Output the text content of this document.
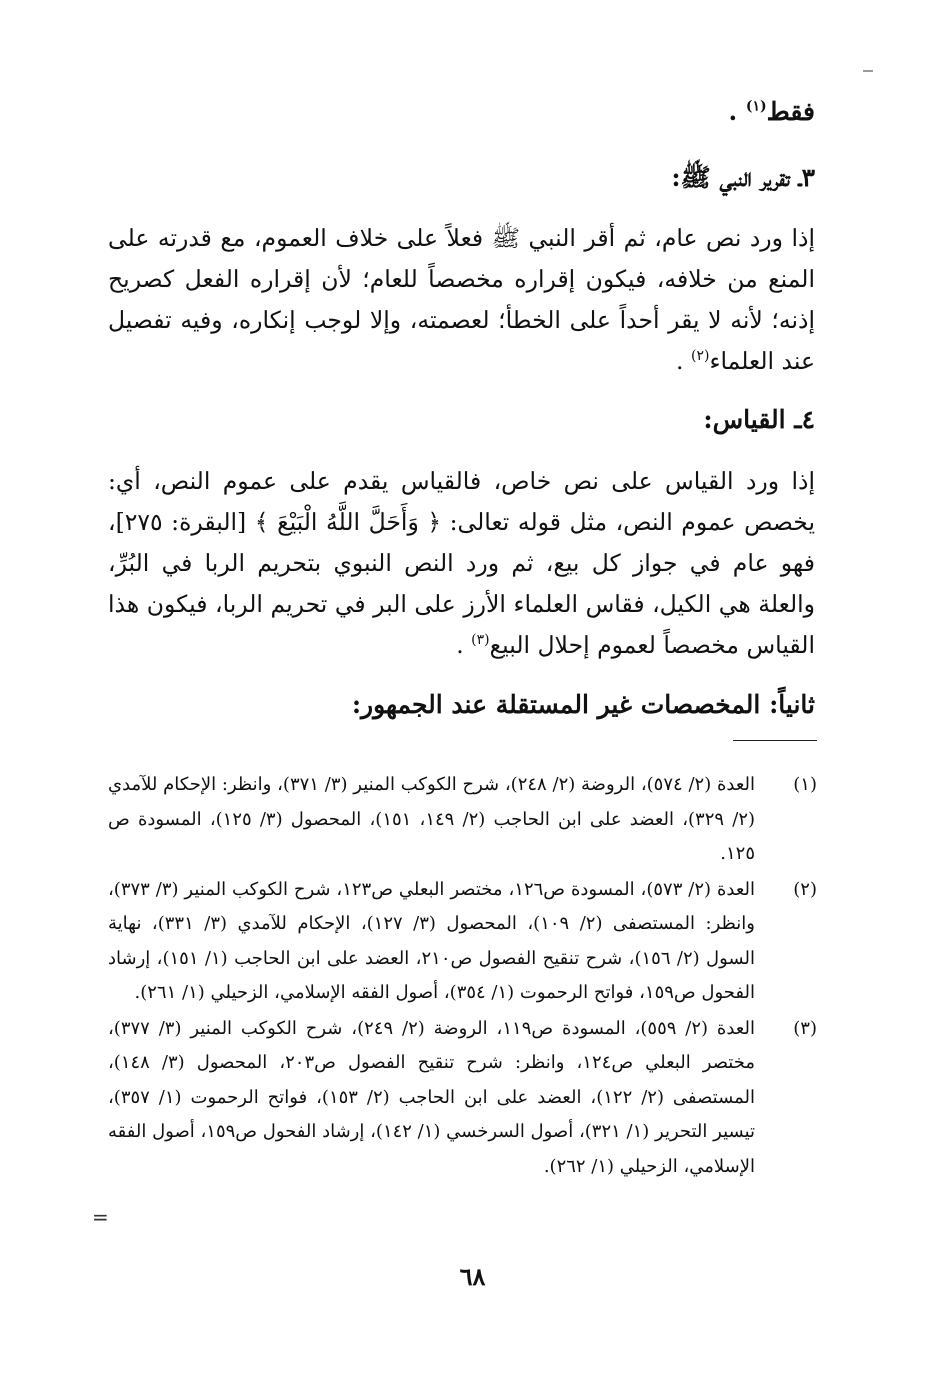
فقط$^{(١)}$ .
٣ـ تقرير النبي ﷺ:
إذا ورد نص عام، ثم أقر النبي ﷺ فعلاً على خلاف العموم، مع قدرته على المنع من خلافه، فيكون إقراره مخصصاً للعام؛ لأن إقراره الفعل كصريح إذنه؛ لأنه لا يقر أحداً على الخطأ؛ لعصمته، وإلا لوجب إنكاره، وفيه تفصيل عند العلماء$^{(٢)}$ .
٤ـ القياس:
إذا ورد القياس على نص خاص، فالقياس يقدم على عموم النص، أي: يخصص عموم النص، مثل قوله تعالى: ﴿ وَأَحَلَّ اللَّهُ الْبَيْعَ ﴾ [البقرة: ٢٧٥]، فهو عام في جواز كل بيع، ثم ورد النص النبوي بتحريم الربا في البُرِّ، والعلة هي الكيل، فقاس العلماء الأرز على البر في تحريم الربا، فيكون هذا القياس مخصصاً لعموم إحلال البيع$^{(٣)}$ .
ثانياً: المخصصات غير المستقلة عند الجمهور:
(١)
العدة (٢/ ٥٧٤)، الروضة (٢/ ٢٤٨)، شرح الكوكب المنير (٣/ ٣٧١)، وانظر: الإحكام للآمدي (٢/ ٣٢٩)، العضد على ابن الحاجب (٢/ ١٤٩، ١٥١)، المحصول (٣/ ١٢٥)، المسودة ص ١٢٥.
(٢)
العدة (٢/ ٥٧٣)، المسودة ص١٢٦، مختصر البعلي ص١٢٣، شرح الكوكب المنير (٣/ ٣٧٣)، وانظر: المستصفى (٢/ ١٠٩)، المحصول (٣/ ١٢٧)، الإحكام للآمدي (٣/ ٣٣١)، نهاية السول (٢/ ١٥٦)، شرح تنقيح الفصول ص٢١٠، العضد على ابن الحاجب (١/ ١٥١)، إرشاد الفحول ص١٥٩، فواتح الرحموت (١/ ٣٥٤)، أصول الفقه الإسلامي، الزحيلي (١/ ٢٦١).
(٣)
العدة (٢/ ٥٥٩)، المسودة ص١١٩، الروضة (٢/ ٢٤٩)، شرح الكوكب المنير (٣/ ٣٧٧)، مختصر البعلي ص١٢٤، وانظر: شرح تنقيح الفصول ص٢٠٣، المحصول (٣/ ١٤٨)، المستصفى (٢/ ١٢٢)، العضد على ابن الحاجب (٢/ ١٥٣)، فواتح الرحموت (١/ ٣٥٧)، تيسير التحرير (١/ ٣٢١)، أصول السرخسي (١/ ١٤٢)، إرشاد الفحول ص١٥٩، أصول الفقه الإسلامي، الزحيلي (١/ ٢٦٢).
=
٦٨
